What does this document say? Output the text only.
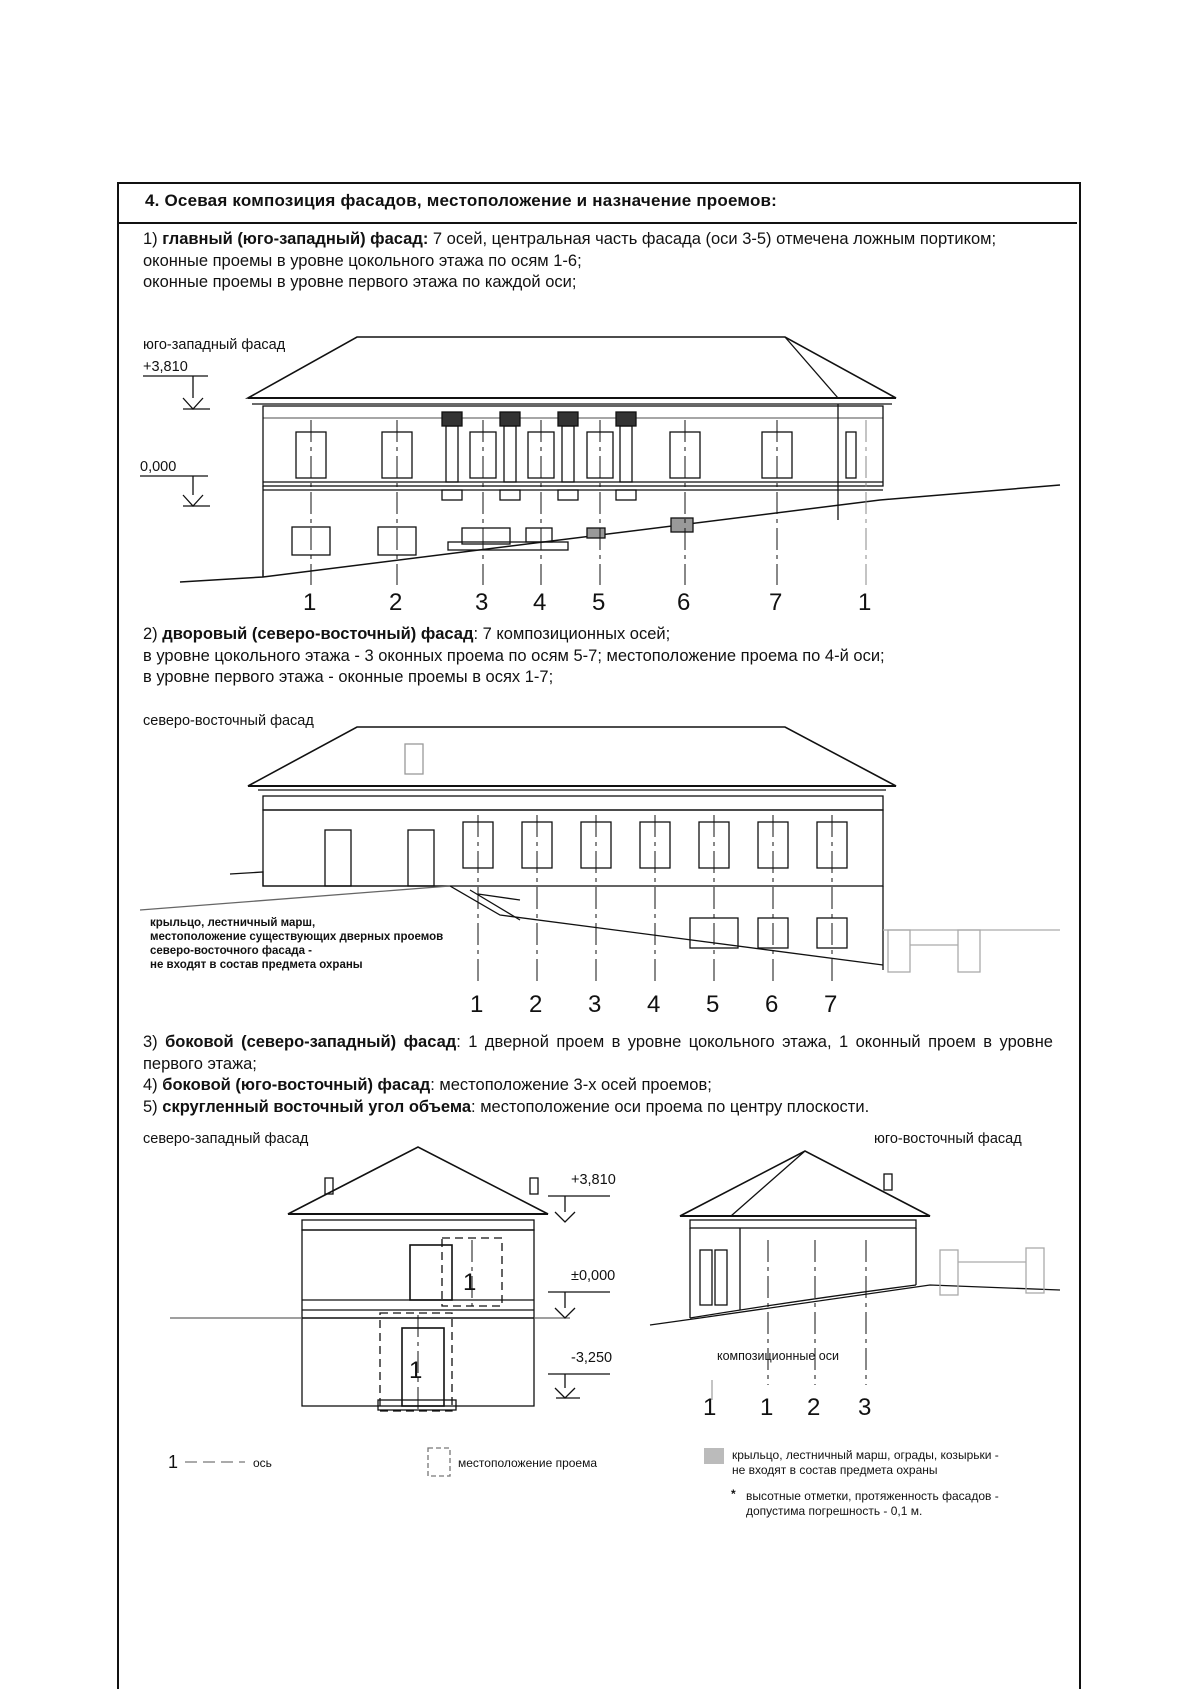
4. Осевая композиция фасадов, местоположение и назначение проемов:
1) главный (юго-западный) фасад: 7 осей, центральная часть фасада (оси 3-5) отмечена ложным портиком;
оконные проемы в уровне цокольного этажа по осям 1-6;
оконные проемы в уровне первого этажа по каждой оси;
юго-западный фасад
+3,810
0,000
2) дворовый (северо-восточный) фасад: 7 композиционных осей;
в уровне цокольного этажа - 3 оконных проема по осям 5-7; местоположение проема по 4-й оси;
в уровне первого этажа - оконные проемы в осях 1-7;
северо-восточный фасад
крыльцо, лестничный марш,
местоположение существующих дверных проемов
северо-восточного фасада -
не входят в состав предмета охраны
3) боковой (северо-западный) фасад: 1 дверной проем в уровне цокольного этажа, 1 оконный проем в уровне первого этажа;
4) боковой (юго-восточный) фасад: местоположение 3-х осей проемов;
5) скругленный восточный угол объема: местоположение оси проема по центру плоскости.
северо-западный фасад	юго-восточный фасад
+3,810
±0,000
-3,250	композиционные оси
1	ось	местоположение проема
крыльцо, лестничный марш, ограды, козырьки -
не входят в состав предмета охраны
* высотные отметки, протяженность фасадов -
допустима погрешность - 0,1 м.
1	2	3 4 5	6	7	1
1 2 3 4 5 6 7
1
1
1 1 2 3
